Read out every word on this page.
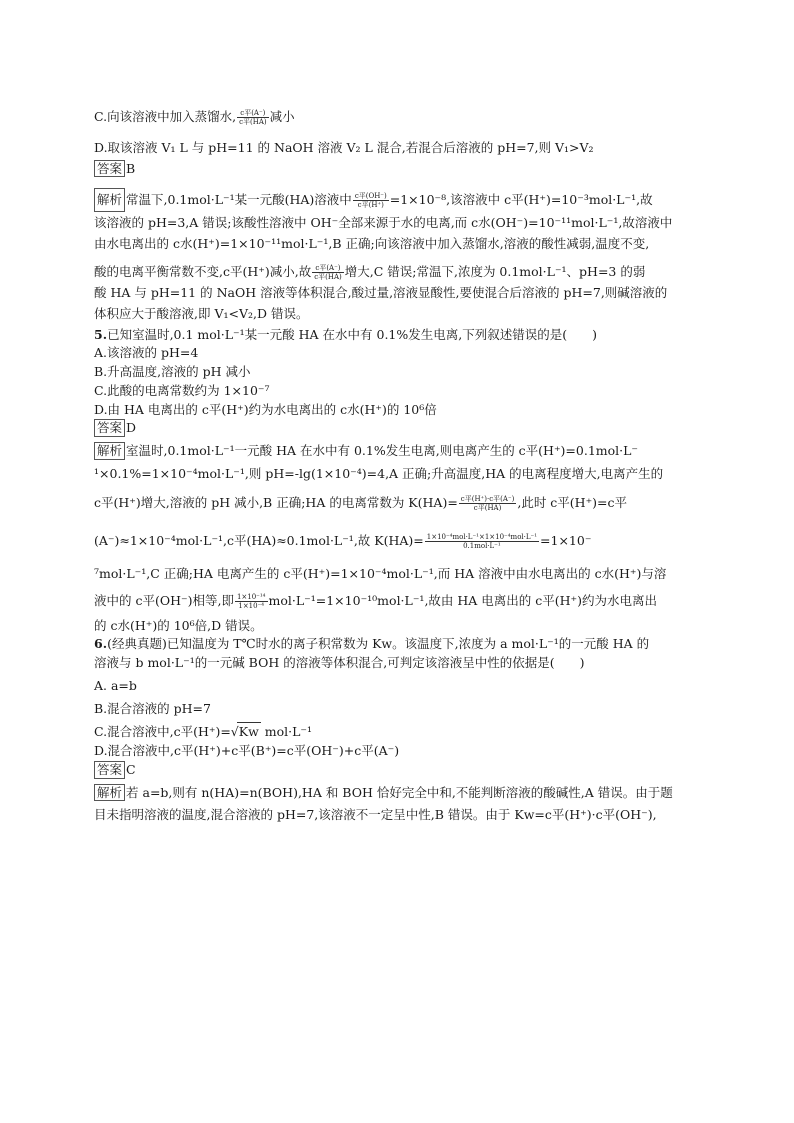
C.向该溶液中加入蒸馏水, $\frac{\text{c平(A⁻)}}{\text{c平(HA)}}$ 减小

D.取该溶液 V₁ L 与 pH=11 的 NaOH 溶液 V₂ L 混合,若混合后溶液的 pH=7,则 V₁>V₂

答案 B

解析 常温下,0.1mol·L⁻¹某一元酸(HA)溶液中 $\frac{\text{c平(OH⁻)}}{\text{c平(H⁺)}} =1\times 10^{-8}$,该溶液中 c平(H⁺)=10⁻³mol·L⁻¹,故

该溶液的 pH=3,A 错误;该酸性溶液中 OH⁻全部来源于水的电离,而 c水(OH⁻)=10⁻¹¹mol·L⁻¹,故溶液中

由水电离出的 c水(H⁺)=1×10⁻¹¹mol·L⁻¹,B 正确;向该溶液中加入蒸馏水,溶液的酸性减弱,温度不变,

酸的电离平衡常数不变,c平(H⁺)减小,故 $\frac{\text{c平(A⁻)}}{\text{c平(HA)}}$ 增大,C 错误;常温下,浓度为 0.1mol·L⁻¹、pH=3 的弱

酸 HA 与 pH=11 的 NaOH 溶液等体积混合,酸过量,溶液显酸性,要使混合后溶液的 pH=7,则碱溶液的

体积应大于酸溶液,即 V₁<V₂,D 错误。

5.已知室温时,0.1 mol·L⁻¹某一元酸 HA 在水中有 0.1%发生电离,下列叙述错误的是(　　)

A.该溶液的 pH=4

B.升高温度,溶液的 pH 减小

C.此酸的电离常数约为 1×10⁻⁷

D.由 HA 电离出的 c平(H⁺)约为水电离出的 c水(H⁺)的 10⁶倍

答案 D

解析 室温时,0.1mol·L⁻¹一元酸 HA 在水中有 0.1%发生电离,则电离产生的 c平(H⁺)=0.1mol·L⁻

¹×0.1%=1×10⁻⁴mol·L⁻¹,则 pH=-lg(1×10⁻⁴)=4,A 正确;升高温度,HA 的电离程度增大,电离产生的

c平(H⁺)增大,溶液的 pH 减小,B 正确;HA 的电离常数为 $K(HA)= \frac{\text{c平(H⁺)·c平(A⁻)}}{\text{c平(HA)}}$ ,此时 c平(H⁺)=c平

(A⁻)≈1×10⁻⁴mol·L⁻¹,c平(HA)≈0.1mol·L⁻¹,故 $K(HA)= \frac{\text{1×10⁻⁴mol·L⁻¹×1×10⁻⁴mol·L⁻¹}}{\text{0.1mol·L⁻¹}} =1\times 10^-$

⁷mol·L⁻¹,C 正确;HA 电离产生的 c平(H⁺)=1×10⁻⁴mol·L⁻¹,而 HA 溶液中由水电离出的 c水(H⁺)与溶

液中的 c平(OH⁻)相等,即 $\frac{\text{1×10⁻¹⁴}}{\text{1×10⁻⁴}} mol\cdot L^{-1}=1\times 10^{-10}mol\cdot L^{-1}$,故由 HA 电离出的 c平(H⁺)约为水电离出

的 c水(H⁺)的 10⁶倍,D 错误。

6.(经典真题)已知温度为 T℃时水的离子积常数为 Kw。该温度下,浓度为 a mol·L⁻¹的一元酸 HA 的

溶液与 b mol·L⁻¹的一元碱 BOH 的溶液等体积混合,可判定该溶液呈中性的依据是(　　)

A. a=b

B.混合溶液的 pH=7

C.混合溶液中,c平(H⁺)=√Kw mol·L⁻¹

D.混合溶液中,c平(H⁺)+c平(B⁺)=c平(OH⁻)+c平(A⁻)

答案 C

解析 若 a=b,则有 n(HA)=n(BOH),HA 和 BOH 恰好完全中和,不能判断溶液的酸碱性,A 错误。由于题

目未指明溶液的温度,混合溶液的 pH=7,该溶液不一定呈中性,B 错误。由于 Kw=c平(H⁺)·c平(OH⁻),
